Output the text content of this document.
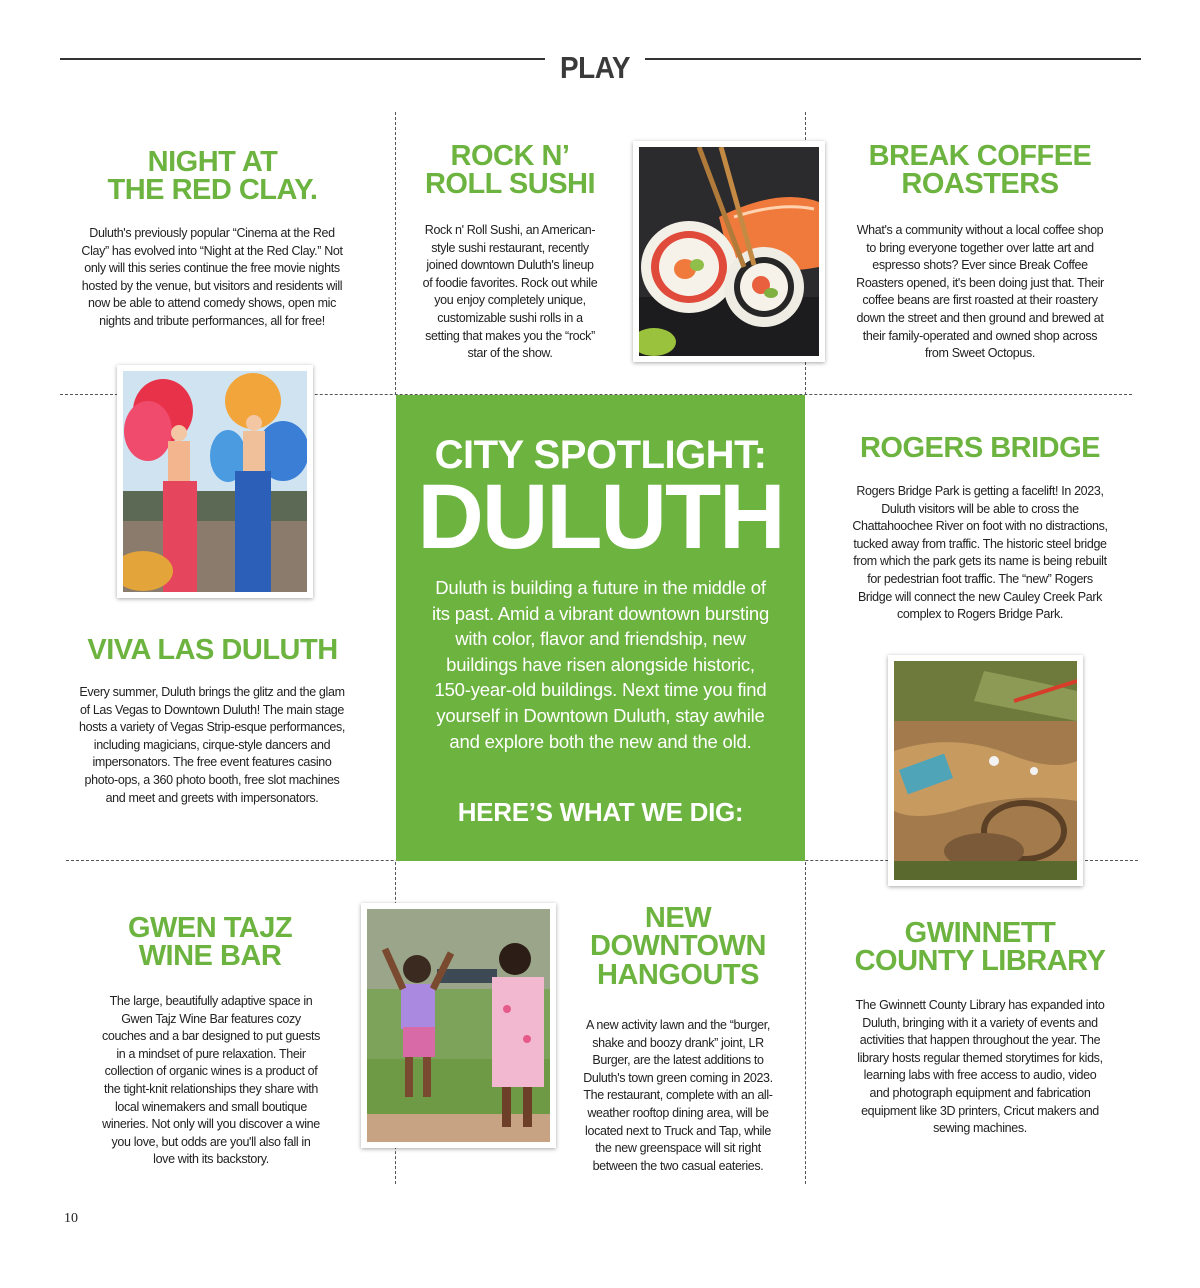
PLAY
NIGHT AT
THE RED CLAY.
Duluth's previously popular “Cinema at the Red Clay” has evolved into “Night at the Red Clay.” Not only will this series continue the free movie nights hosted by the venue, but visitors and residents will now be able to attend comedy shows, open mic nights and tribute performances, all for free!
ROCK N’
ROLL SUSHI
Rock n' Roll Sushi, an American-style sushi restaurant, recently joined downtown Duluth's lineup of foodie favorites. Rock out while you enjoy completely unique, customizable sushi rolls in a setting that makes you the “rock” star of the show.
BREAK COFFEE
ROASTERS
What's a community without a local coffee shop to bring everyone together over latte art and espresso shots? Ever since Break Coffee Roasters opened, it's been doing just that. Their coffee beans are first roasted at their roastery down the street and then ground and brewed at their family-operated and owned shop across from Sweet Octopus.
VIVA LAS DULUTH
Every summer, Duluth brings the glitz and the glam of Las Vegas to Downtown Duluth! The main stage hosts a variety of Vegas Strip-esque performances, including magicians, cirque-style dancers and impersonators. The free event features casino photo-ops, a 360 photo booth, free slot machines and meet and greets with impersonators.
CITY SPOTLIGHT:
DULUTH
Duluth is building a future in the middle of its past. Amid a vibrant downtown bursting with color, flavor and friendship, new buildings have risen alongside historic, 150-year-old buildings. Next time you find yourself in Downtown Duluth, stay awhile and explore both the new and the old.
HERE’S WHAT WE DIG:
ROGERS BRIDGE
Rogers Bridge Park is getting a facelift! In 2023, Duluth visitors will be able to cross the Chattahoochee River on foot with no distractions, tucked away from traffic. The historic steel bridge from which the park gets its name is being rebuilt for pedestrian foot traffic. The “new” Rogers Bridge will connect the new Cauley Creek Park complex to Rogers Bridge Park.
GWEN TAJZ
WINE BAR
The large, beautifully adaptive space in Gwen Tajz Wine Bar features cozy couches and a bar designed to put guests in a mindset of pure relaxation. Their collection of organic wines is a product of the tight-knit relationships they share with local winemakers and small boutique wineries. Not only will you discover a wine you love, but odds are you'll also fall in love with its backstory.
NEW
DOWNTOWN
HANGOUTS
A new activity lawn and the “burger, shake and boozy drank” joint, LR Burger, are the latest additions to Duluth's town green coming in 2023. The restaurant, complete with an all-weather rooftop dining area, will be located next to Truck and Tap, while the new greenspace will sit right between the two casual eateries.
GWINNETT
COUNTY LIBRARY
The Gwinnett County Library has expanded into Duluth, bringing with it a variety of events and activities that happen throughout the year. The library hosts regular themed storytimes for kids, learning labs with free access to audio, video and photograph equipment and fabrication equipment like 3D printers, Cricut makers and sewing machines.
10
